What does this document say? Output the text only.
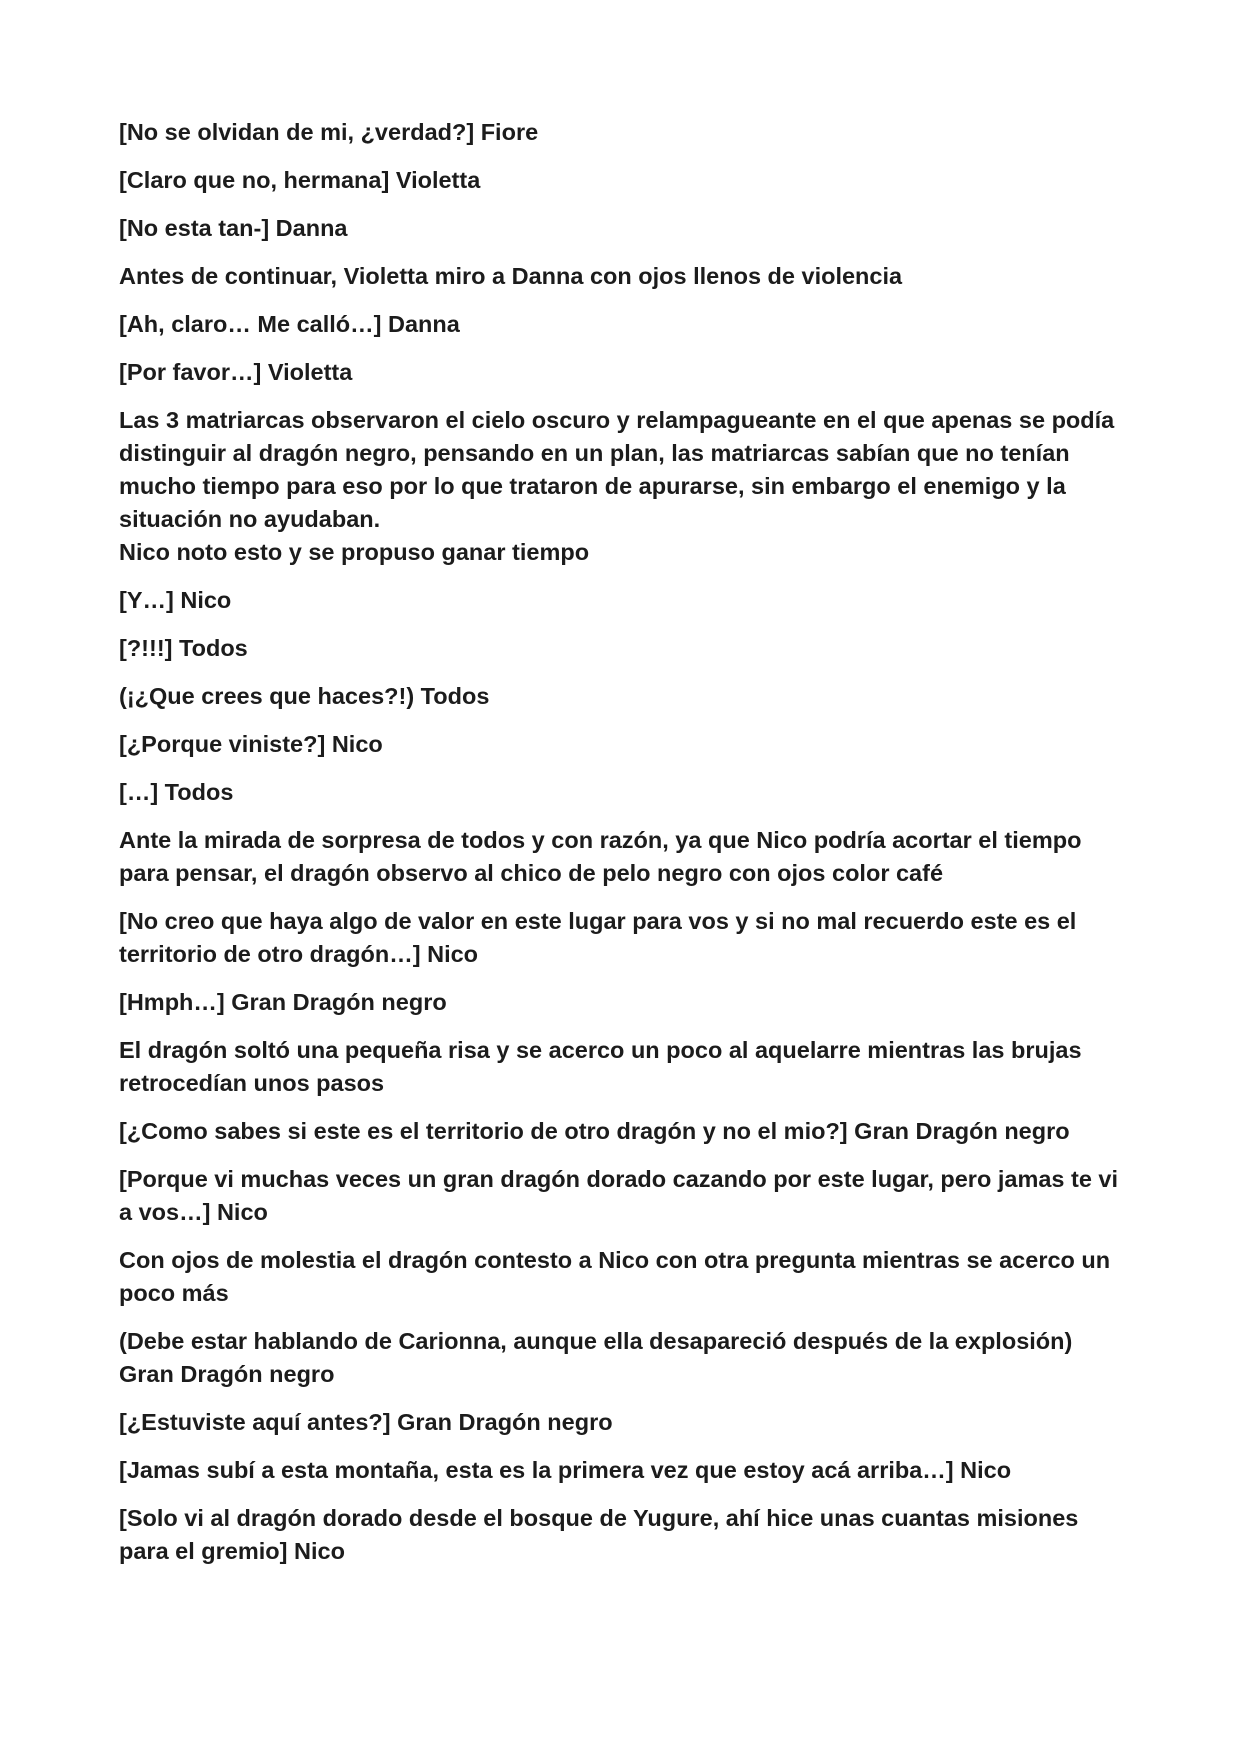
[No se olvidan de mi, ¿verdad?] Fiore

[Claro que no, hermana] Violetta

[No esta tan-] Danna

Antes de continuar, Violetta miro a Danna con ojos llenos de violencia

[Ah, claro… Me calló…] Danna

[Por favor…] Violetta

Las 3 matriarcas observaron el cielo oscuro y relampagueante en el que apenas se podía distinguir al dragón negro, pensando en un plan, las matriarcas sabían que no tenían mucho tiempo para eso por lo que trataron de apurarse, sin embargo el enemigo y la situación no ayudaban.

Nico noto esto y se propuso ganar tiempo

[Y…] Nico

[?!!!] Todos

(¡¿Que crees que haces?!) Todos

[¿Porque viniste?] Nico

[…] Todos

Ante la mirada de sorpresa de todos y con razón, ya que Nico podría acortar el tiempo para pensar, el dragón observo al chico de pelo negro con ojos color café

[No creo que haya algo de valor en este lugar para vos y si no mal recuerdo este es el territorio de otro dragón…] Nico

[Hmph…] Gran Dragón negro

El dragón soltó una pequeña risa y se acerco un poco al aquelarre mientras las brujas retrocedían unos pasos

[¿Como sabes si este es el territorio de otro dragón y no el mio?] Gran Dragón negro

[Porque vi muchas veces un gran dragón dorado cazando por este lugar, pero jamas te vi a vos…] Nico

Con ojos de molestia el dragón contesto a Nico con otra pregunta mientras se acerco un poco más

(Debe estar hablando de Carionna, aunque ella desapareció después de la explosión) Gran Dragón negro

[¿Estuviste aquí antes?] Gran Dragón negro

[Jamas subí a esta montaña, esta es la primera vez que estoy acá arriba…] Nico

[Solo vi al dragón dorado desde el bosque de Yugure, ahí hice unas cuantas misiones para el gremio] Nico
